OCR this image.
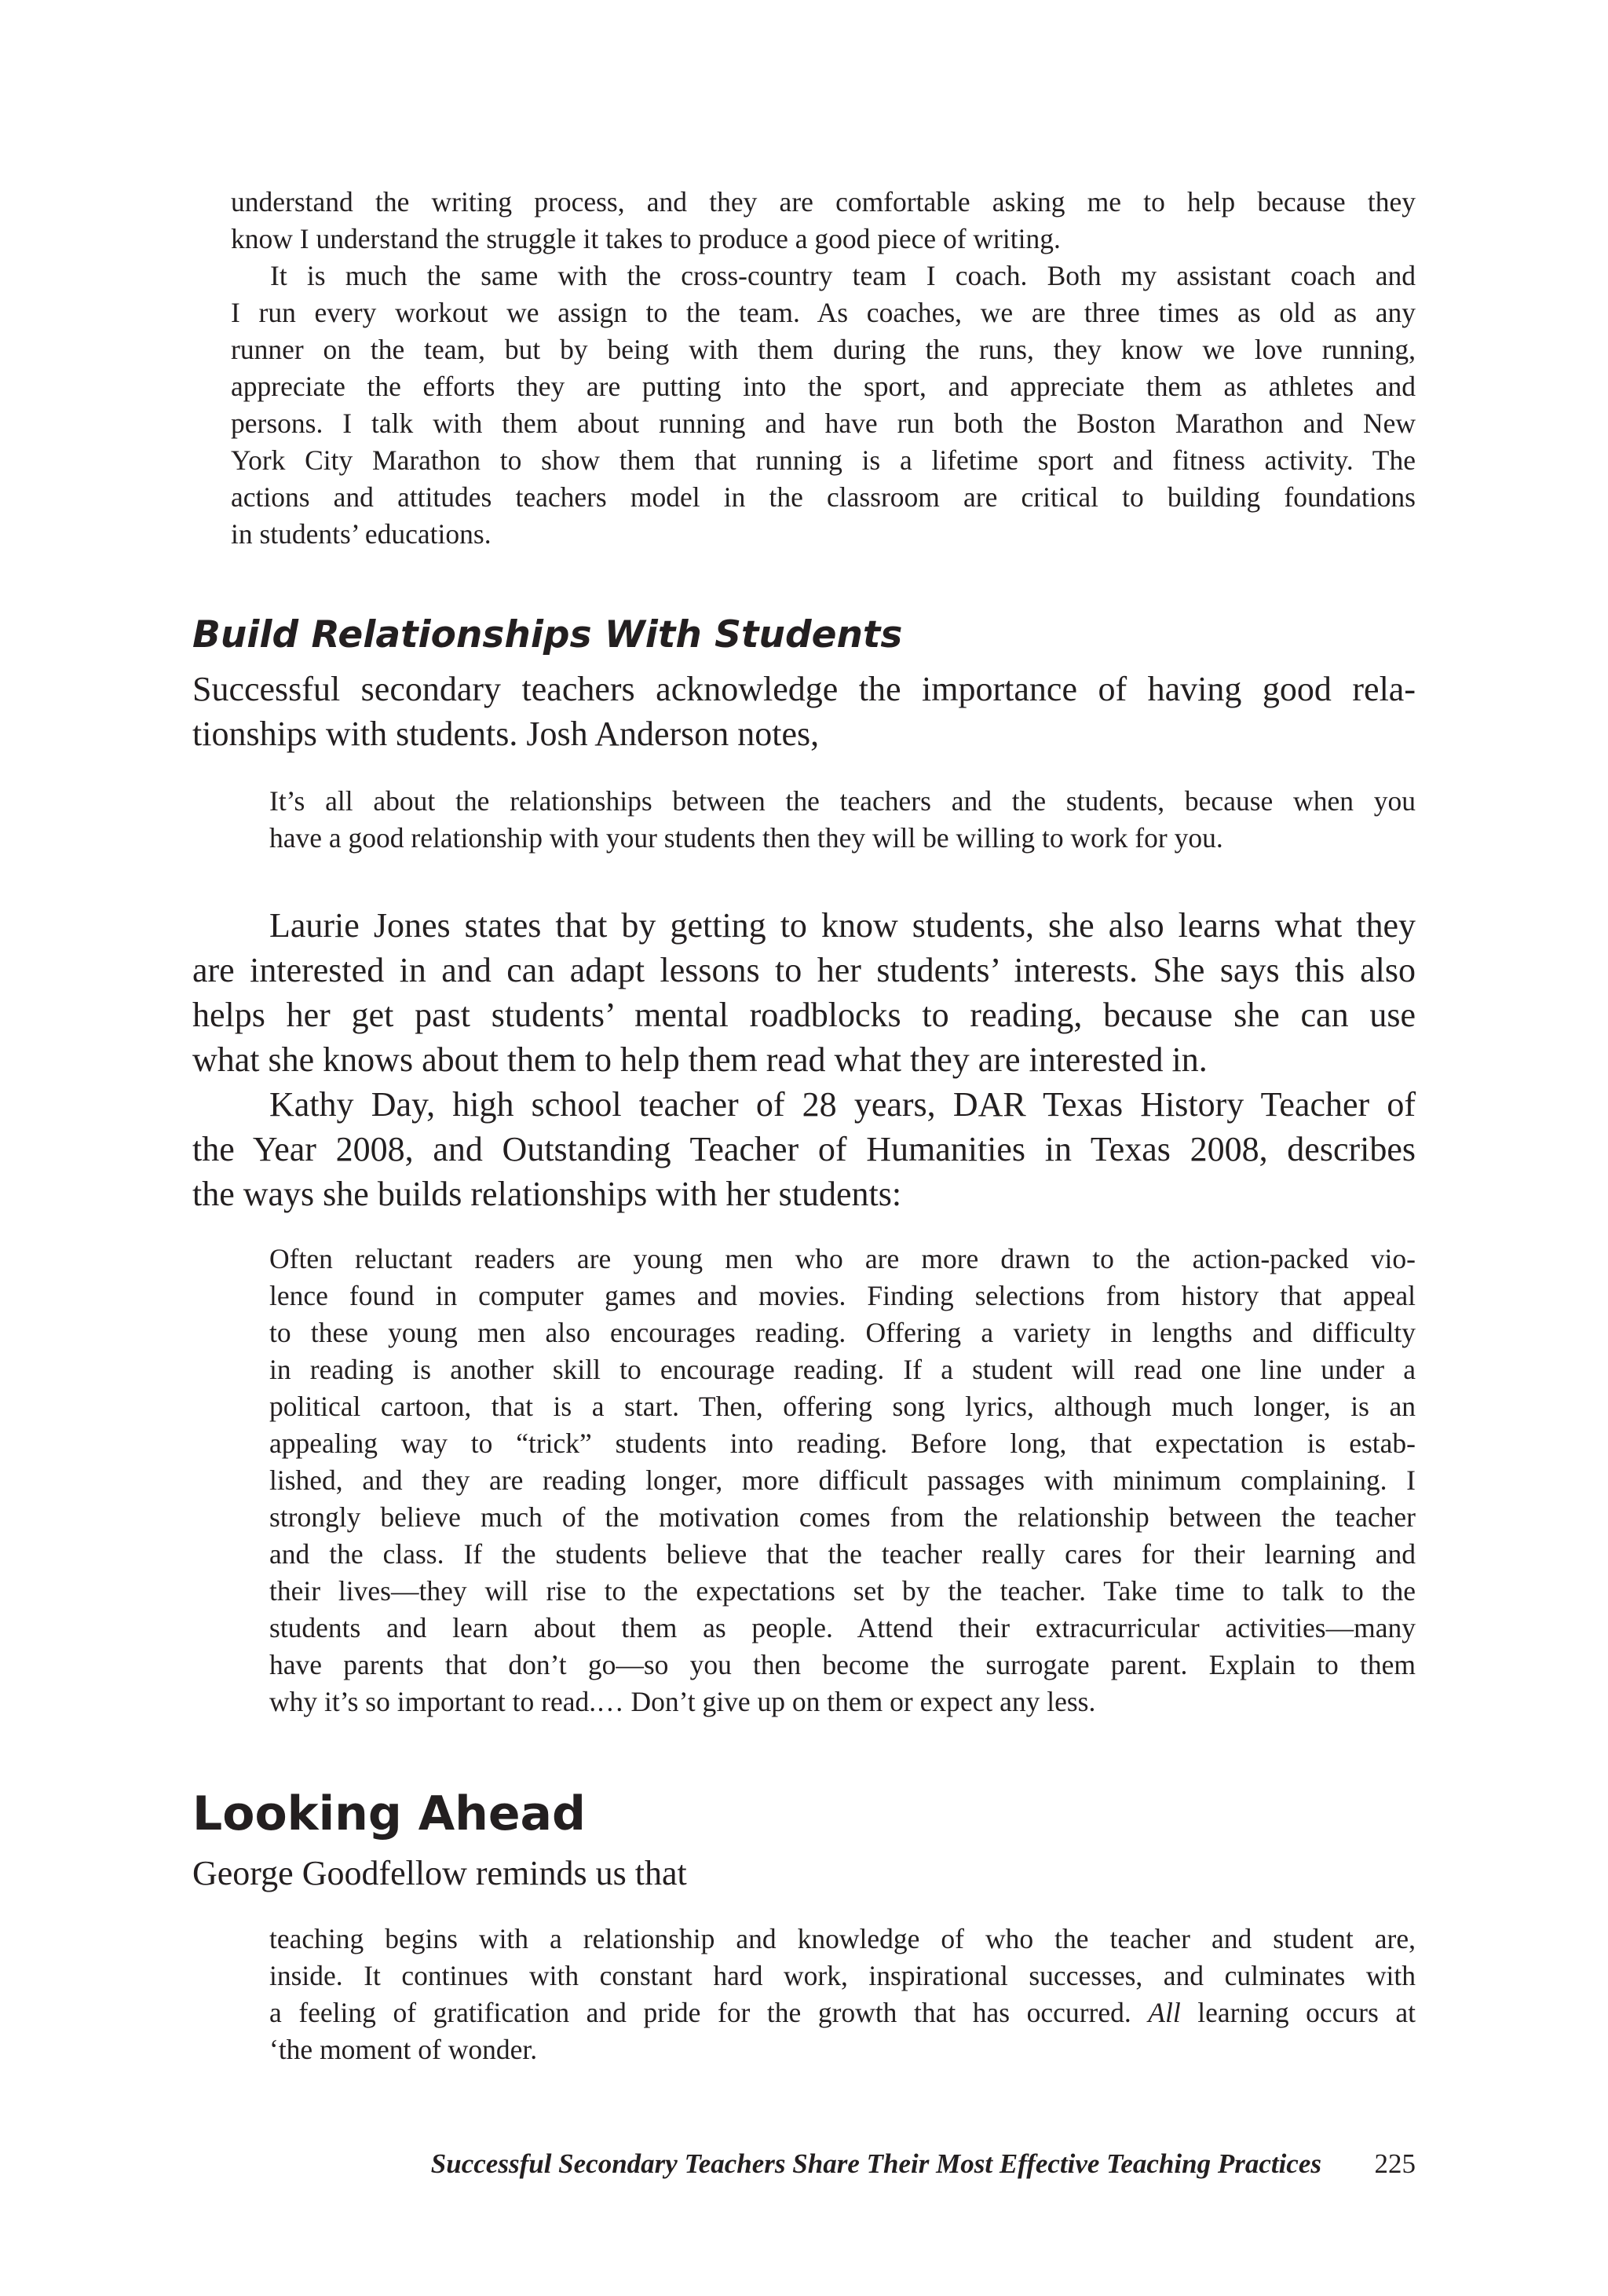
understand the writing process, and they are comfortable asking me to help because they
know I understand the struggle it takes to produce a good piece of writing.
It is much the same with the cross-country team I coach. Both my assistant coach and
I run every workout we assign to the team. As coaches, we are three times as old as any
runner on the team, but by being with them during the runs, they know we love running,
appreciate the efforts they are putting into the sport, and appreciate them as athletes and
persons. I talk with them about running and have run both the Boston Marathon and New
York City Marathon to show them that running is a lifetime sport and fitness activity. The
actions and attitudes teachers model in the classroom are critical to building foundations
in students’ educations.
Build Relationships With Students
Successful secondary teachers acknowledge the importance of having good rela-
tionships with students. Josh Anderson notes,
It’s all about the relationships between the teachers and the students, because when you
have a good relationship with your students then they will be willing to work for you.
Laurie Jones states that by getting to know students, she also learns what they
are interested in and can adapt lessons to her students’ interests. She says this also
helps her get past students’ mental roadblocks to reading, because she can use
what she knows about them to help them read what they are interested in.
Kathy Day, high school teacher of 28 years, DAR Texas History Teacher of
the Year 2008, and Outstanding Teacher of Humanities in Texas 2008, describes
the ways she builds relationships with her students:
Often reluctant readers are young men who are more drawn to the action-packed vio-
lence found in computer games and movies. Finding selections from history that appeal
to these young men also encourages reading. Offering a variety in lengths and difficulty
in reading is another skill to encourage reading. If a student will read one line under a
political cartoon, that is a start. Then, offering song lyrics, although much longer, is an
appealing way to “trick” students into reading. Before long, that expectation is estab-
lished, and they are reading longer, more difficult passages with minimum complaining. I
strongly believe much of the motivation comes from the relationship between the teacher
and the class. If the students believe that the teacher really cares for their learning and
their lives—they will rise to the expectations set by the teacher. Take time to talk to the
students and learn about them as people. Attend their extracurricular activities—many
have parents that don’t go—so you then become the surrogate parent. Explain to them
why it’s so important to read.… Don’t give up on them or expect any less.
Looking Ahead
George Goodfellow reminds us that
teaching begins with a relationship and knowledge of who the teacher and student are,
inside. It continues with constant hard work, inspirational successes, and culminates with
a feeling of gratification and pride for the growth that has occurred. All learning occurs at
‘the moment of wonder.
Successful Secondary Teachers Share Their Most Effective Teaching Practices 225
